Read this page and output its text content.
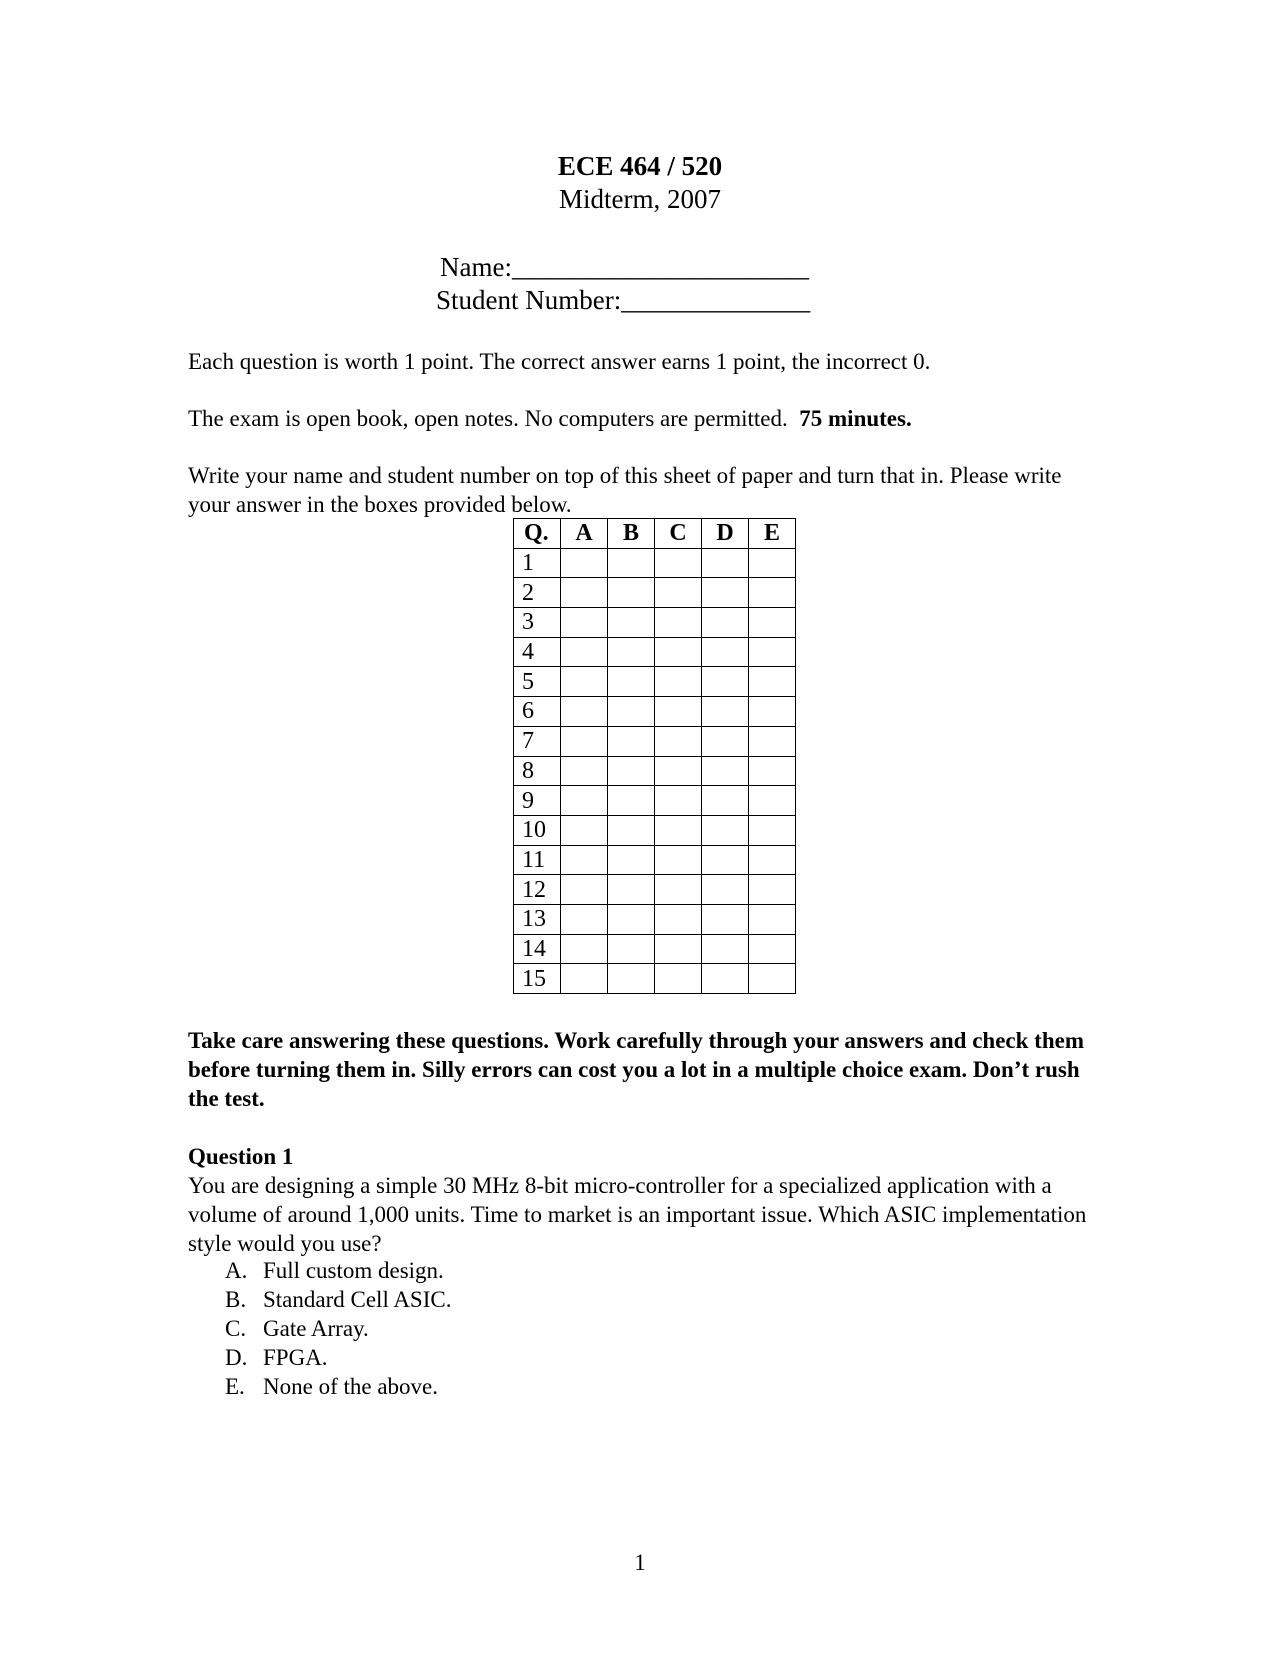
ECE 464 / 520
Midterm, 2007
Name:______________________
Student Number:______________
Each question is worth 1 point. The correct answer earns 1 point, the incorrect 0.
The exam is open book, open notes. No computers are permitted. 75 minutes.
Write your name and student number on top of this sheet of paper and turn that in. Please write your answer in the boxes provided below.
Q.	A	B	C	D	E
1					
2					
3					
4					
5					
6					
7					
8					
9					
10					
11					
12					
13					
14					
15					
Take care answering these questions. Work carefully through your answers and check them before turning them in. Silly errors can cost you a lot in a multiple choice exam. Don’t rush the test.
Question 1
You are designing a simple 30 MHz 8-bit micro-controller for a specialized application with a volume of around 1,000 units. Time to market is an important issue. Which ASIC implementation style would you use?
A. Full custom design.
B. Standard Cell ASIC.
C. Gate Array.
D. FPGA.
E. None of the above.
1
